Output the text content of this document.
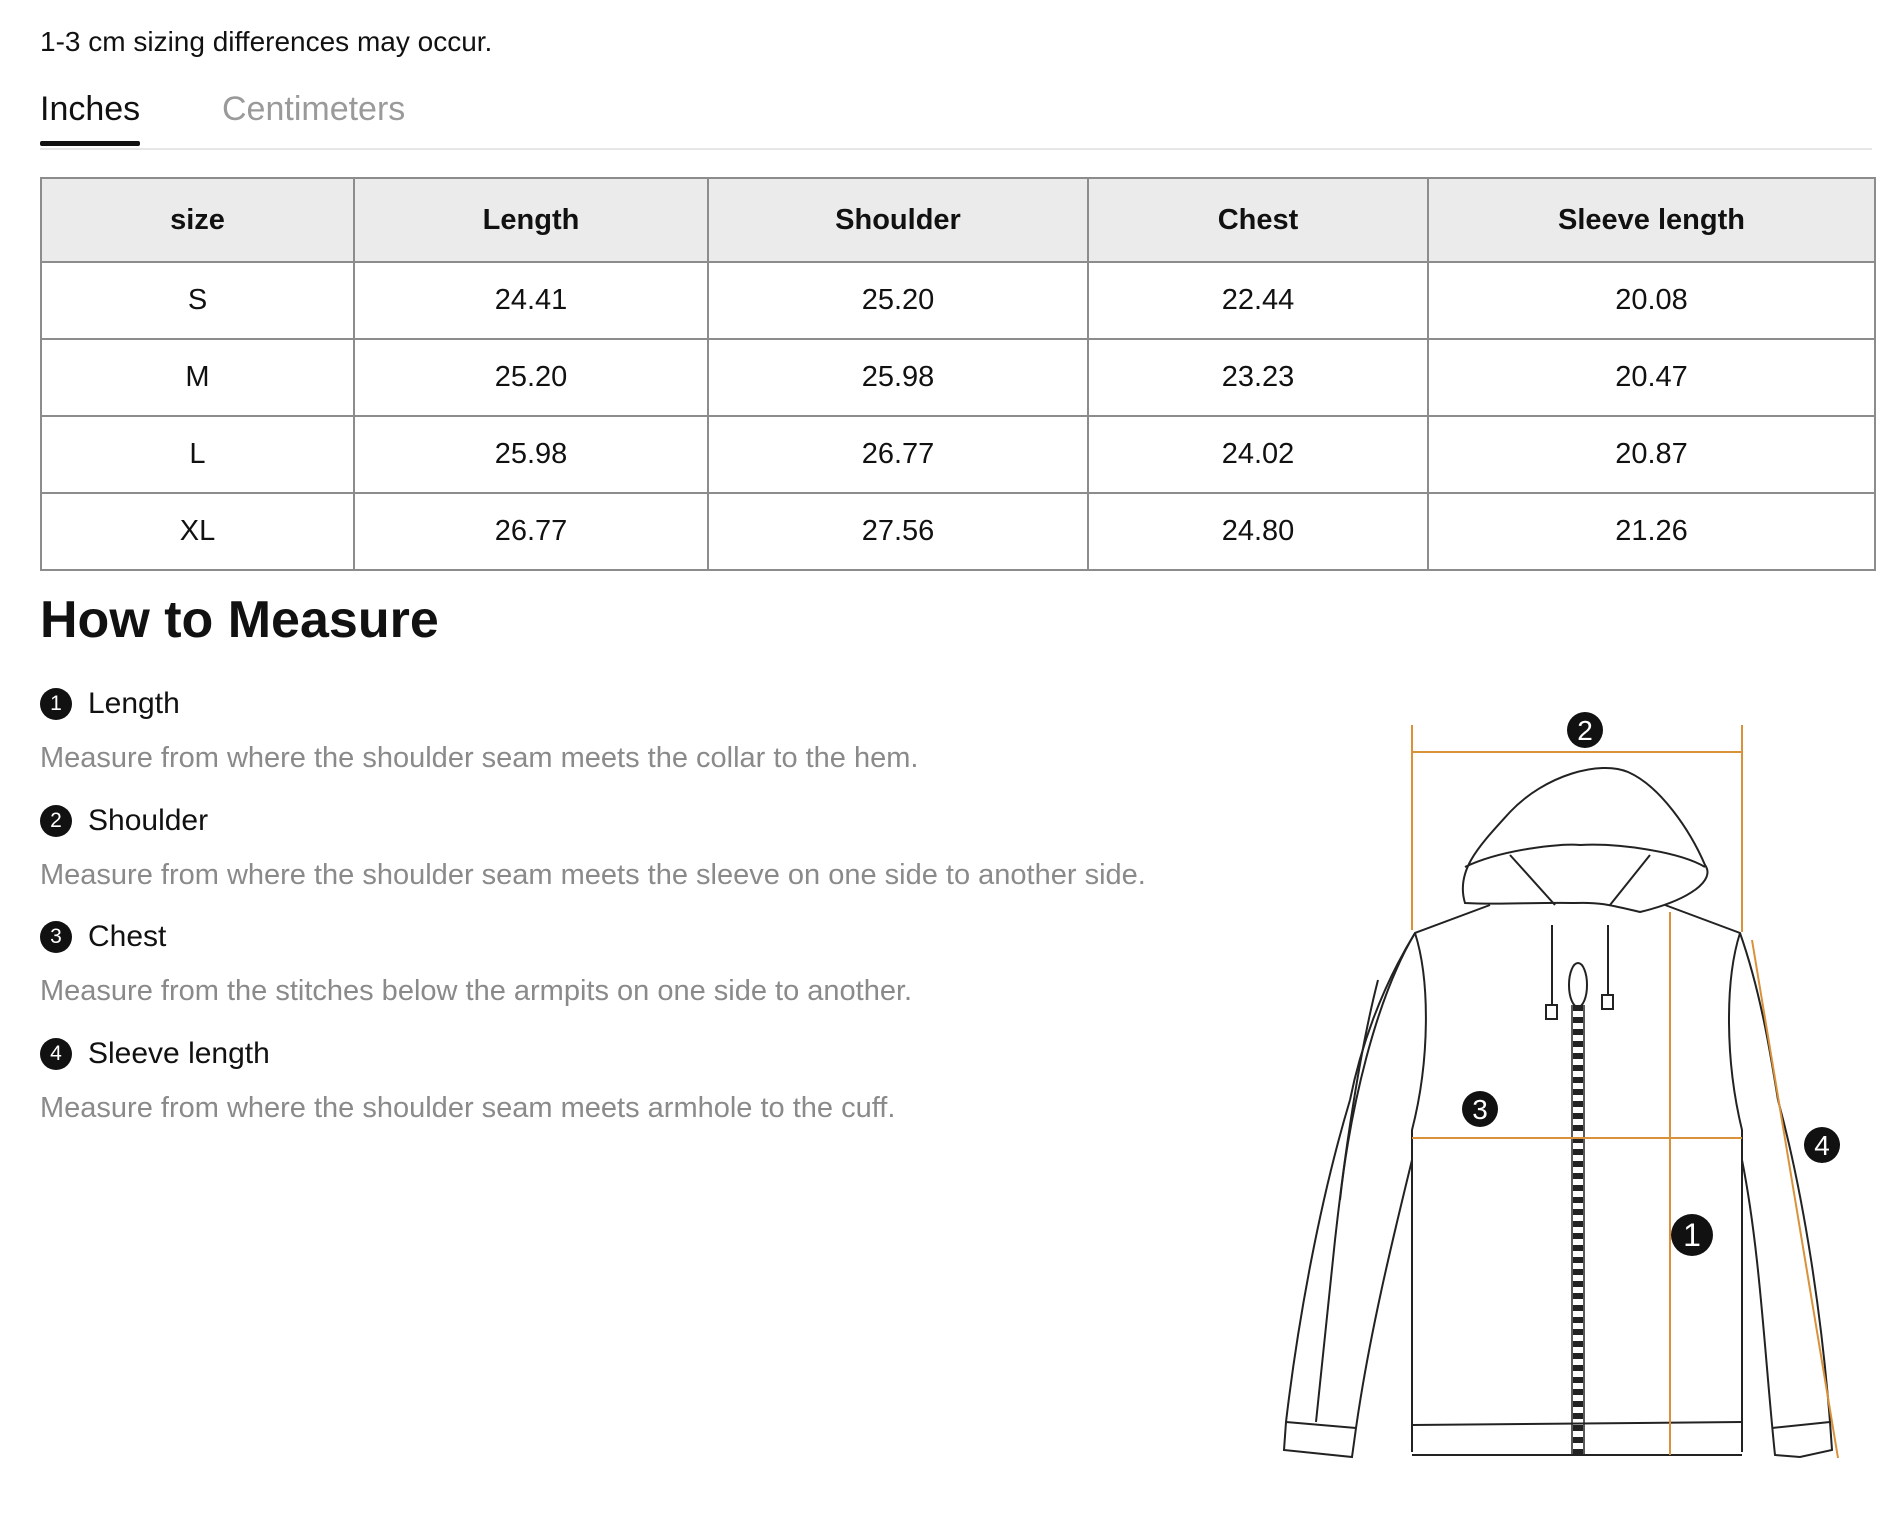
1-3 cm sizing differences may occur.
Inches Centimeters
size	Length	Shoulder	Chest	Sleeve length
S	24.41	25.20	22.44	20.08
M	25.20	25.98	23.23	20.47
L	25.98	26.77	24.02	20.87
XL	26.77	27.56	24.80	21.26
How to Measure
1 Length
Measure from where the shoulder seam meets the collar to the hem.
2 Shoulder
Measure from where the shoulder seam meets the sleeve on one side to another side.
3 Chest
Measure from the stitches below the armpits on one side to another.
4 Sleeve length
Measure from where the shoulder seam meets armhole to the cuff.
2
3
1
4
